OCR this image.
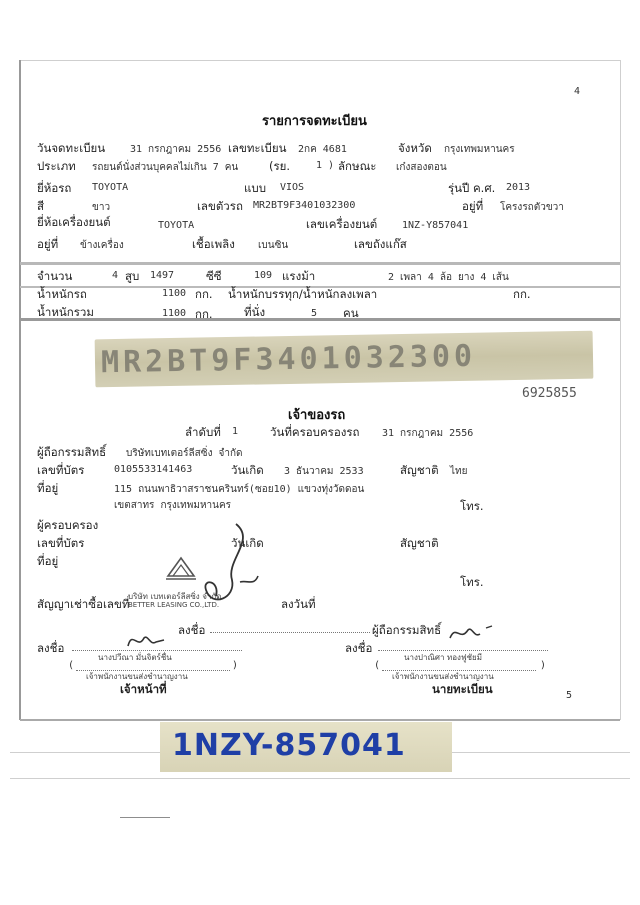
4
รายการจดทะเบียน
วันจดทะเบียน 31 กรกฎาคม 2556 เลขทะเบียน 2กค 4681	จังหวัด กรุงเทพมหานคร
ประเภท รถยนต์นั่งส่วนบุคคลไม่เกิน 7 คน	(รย.	1 ) ลักษณะ เก๋งสองตอน
ยี่ห้อรถ TOYOTA	แบบ VIOS	รุ่นปี ค.ศ. 2013
สี	ขาว	เลขตัวรถ MR2BT9F3401032300	อยู่ที่ โครงรถตัวขวา
ยี่ห้อเครื่องยนต์	TOYOTA	เลขเครื่องยนต์ 1NZ-Y857041
อยู่ที่ ข้างเครื่อง	เชื้อเพลิง เบนซิน	เลขถังแก๊ส
จำนวน	4 สูบ 1497	ซีซี	109 แรงม้า	2 เพลา 4 ล้อ ยาง 4 เส้น
น้ำหนักรถ	1100 กก. น้ำหนักบรรทุก/น้ำหนักลงเพลา	กก.
น้ำหนักรวม	1100 กก.	ที่นั่ง	5 คน
MR2BT9F3401032300
6925855
เจ้าของรถ
ลำดับที่ 1	วันที่ครอบครองรถ 31 กรกฎาคม 2556
ผู้ถือกรรมสิทธิ์ บริษัทเบทเตอร์ลีสซิ่ง จำกัด
เลขที่บัตร	0105533141463	วันเกิด 3 ธันวาคม 2533	สัญชาติ ไทย
ที่อยู่	115 ถนนพาธิวาสราชนครินทร์(ซอย10) แขวงทุ่งวัดดอน
เขตสาทร กรุงเทพมหานคร	โทร.
ผู้ครอบครอง
เลขที่บัตร	วันเกิด	สัญชาติ
ที่อยู่
โทร.
สัญญาเช่าซื้อเลขที่	ลงวันที่
บริษัท เบทเตอร์ลีสซิ่ง จำกัด
BETTER LEASING CO.,LTD.
ลงชื่อ	ผู้ถือกรรมสิทธิ์
ลงชื่อ
นางปวีณา มั่นจิตร์ชื่น
(	)
เจ้าพนักงานขนส่งชำนาญงาน
เจ้าหน้าที่
ลงชื่อ
นางปาณิศา ทองฟูชัยมี
(	)
เจ้าพนักงานขนส่งชำนาญงาน
นายทะเบียน	5
1NZY-857041
